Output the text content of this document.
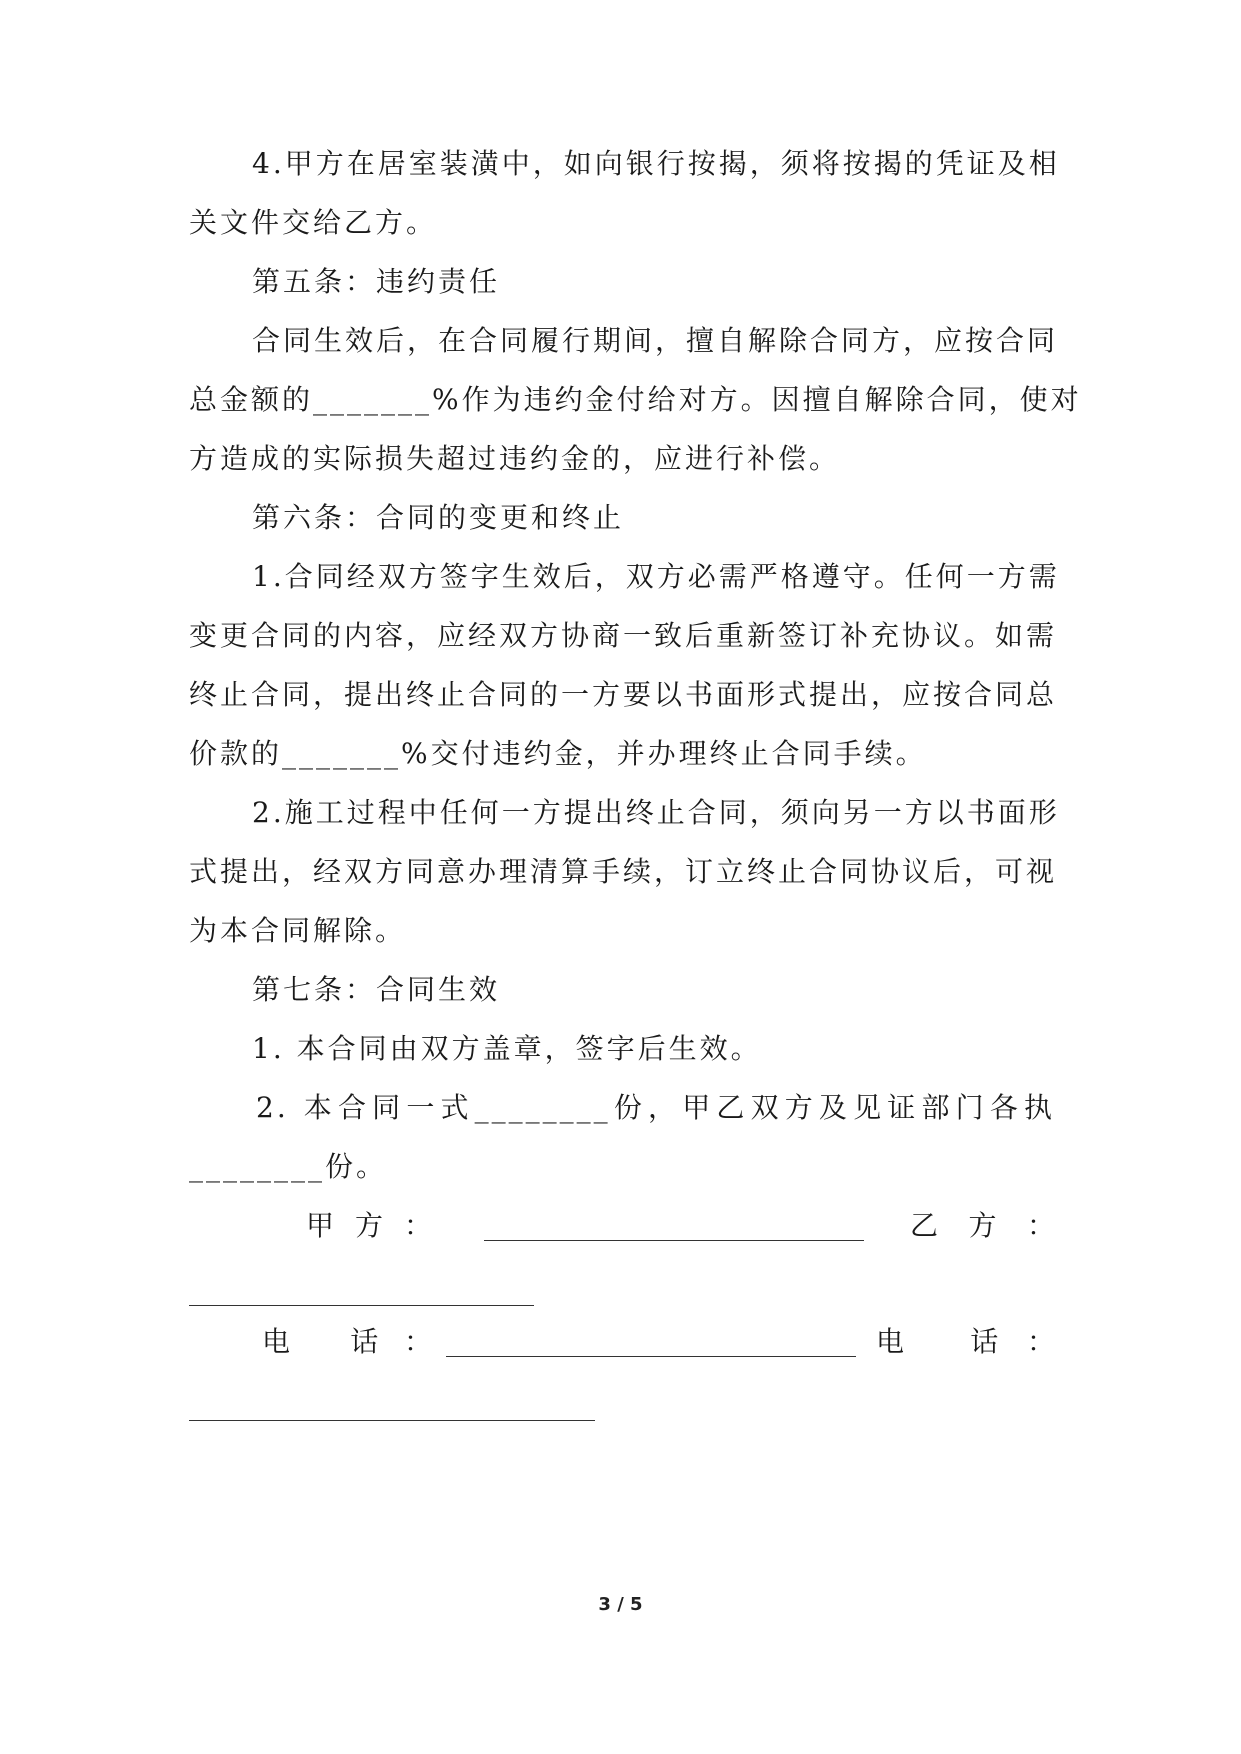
4.甲方在居室装潢中，如向银行按揭，须将按揭的凭证及相
关文件交给乙方。
第五条：违约责任
合同生效后，在合同履行期间，擅自解除合同方，应按合同
总金额的_______%作为违约金付给对方。因擅自解除合同，使对
方造成的实际损失超过违约金的，应进行补偿。
第六条：合同的变更和终止
1.合同经双方签字生效后，双方必需严格遵守。任何一方需
变更合同的内容，应经双方协商一致后重新签订补充协议。如需
终止合同，提出终止合同的一方要以书面形式提出，应按合同总
价款的_______%交付违约金，并办理终止合同手续。
2.施工过程中任何一方提出终止合同，须向另一方以书面形
式提出，经双方同意办理清算手续，订立终止合同协议后，可视
为本合同解除。
第七条：合同生效
1. 本合同由双方盖章，签字后生效。
2. 本合同一式________份，甲乙双方及见证部门各执
________份。
甲 方 ：	乙 方 ：
电 话：	电 话：
3 / 5
